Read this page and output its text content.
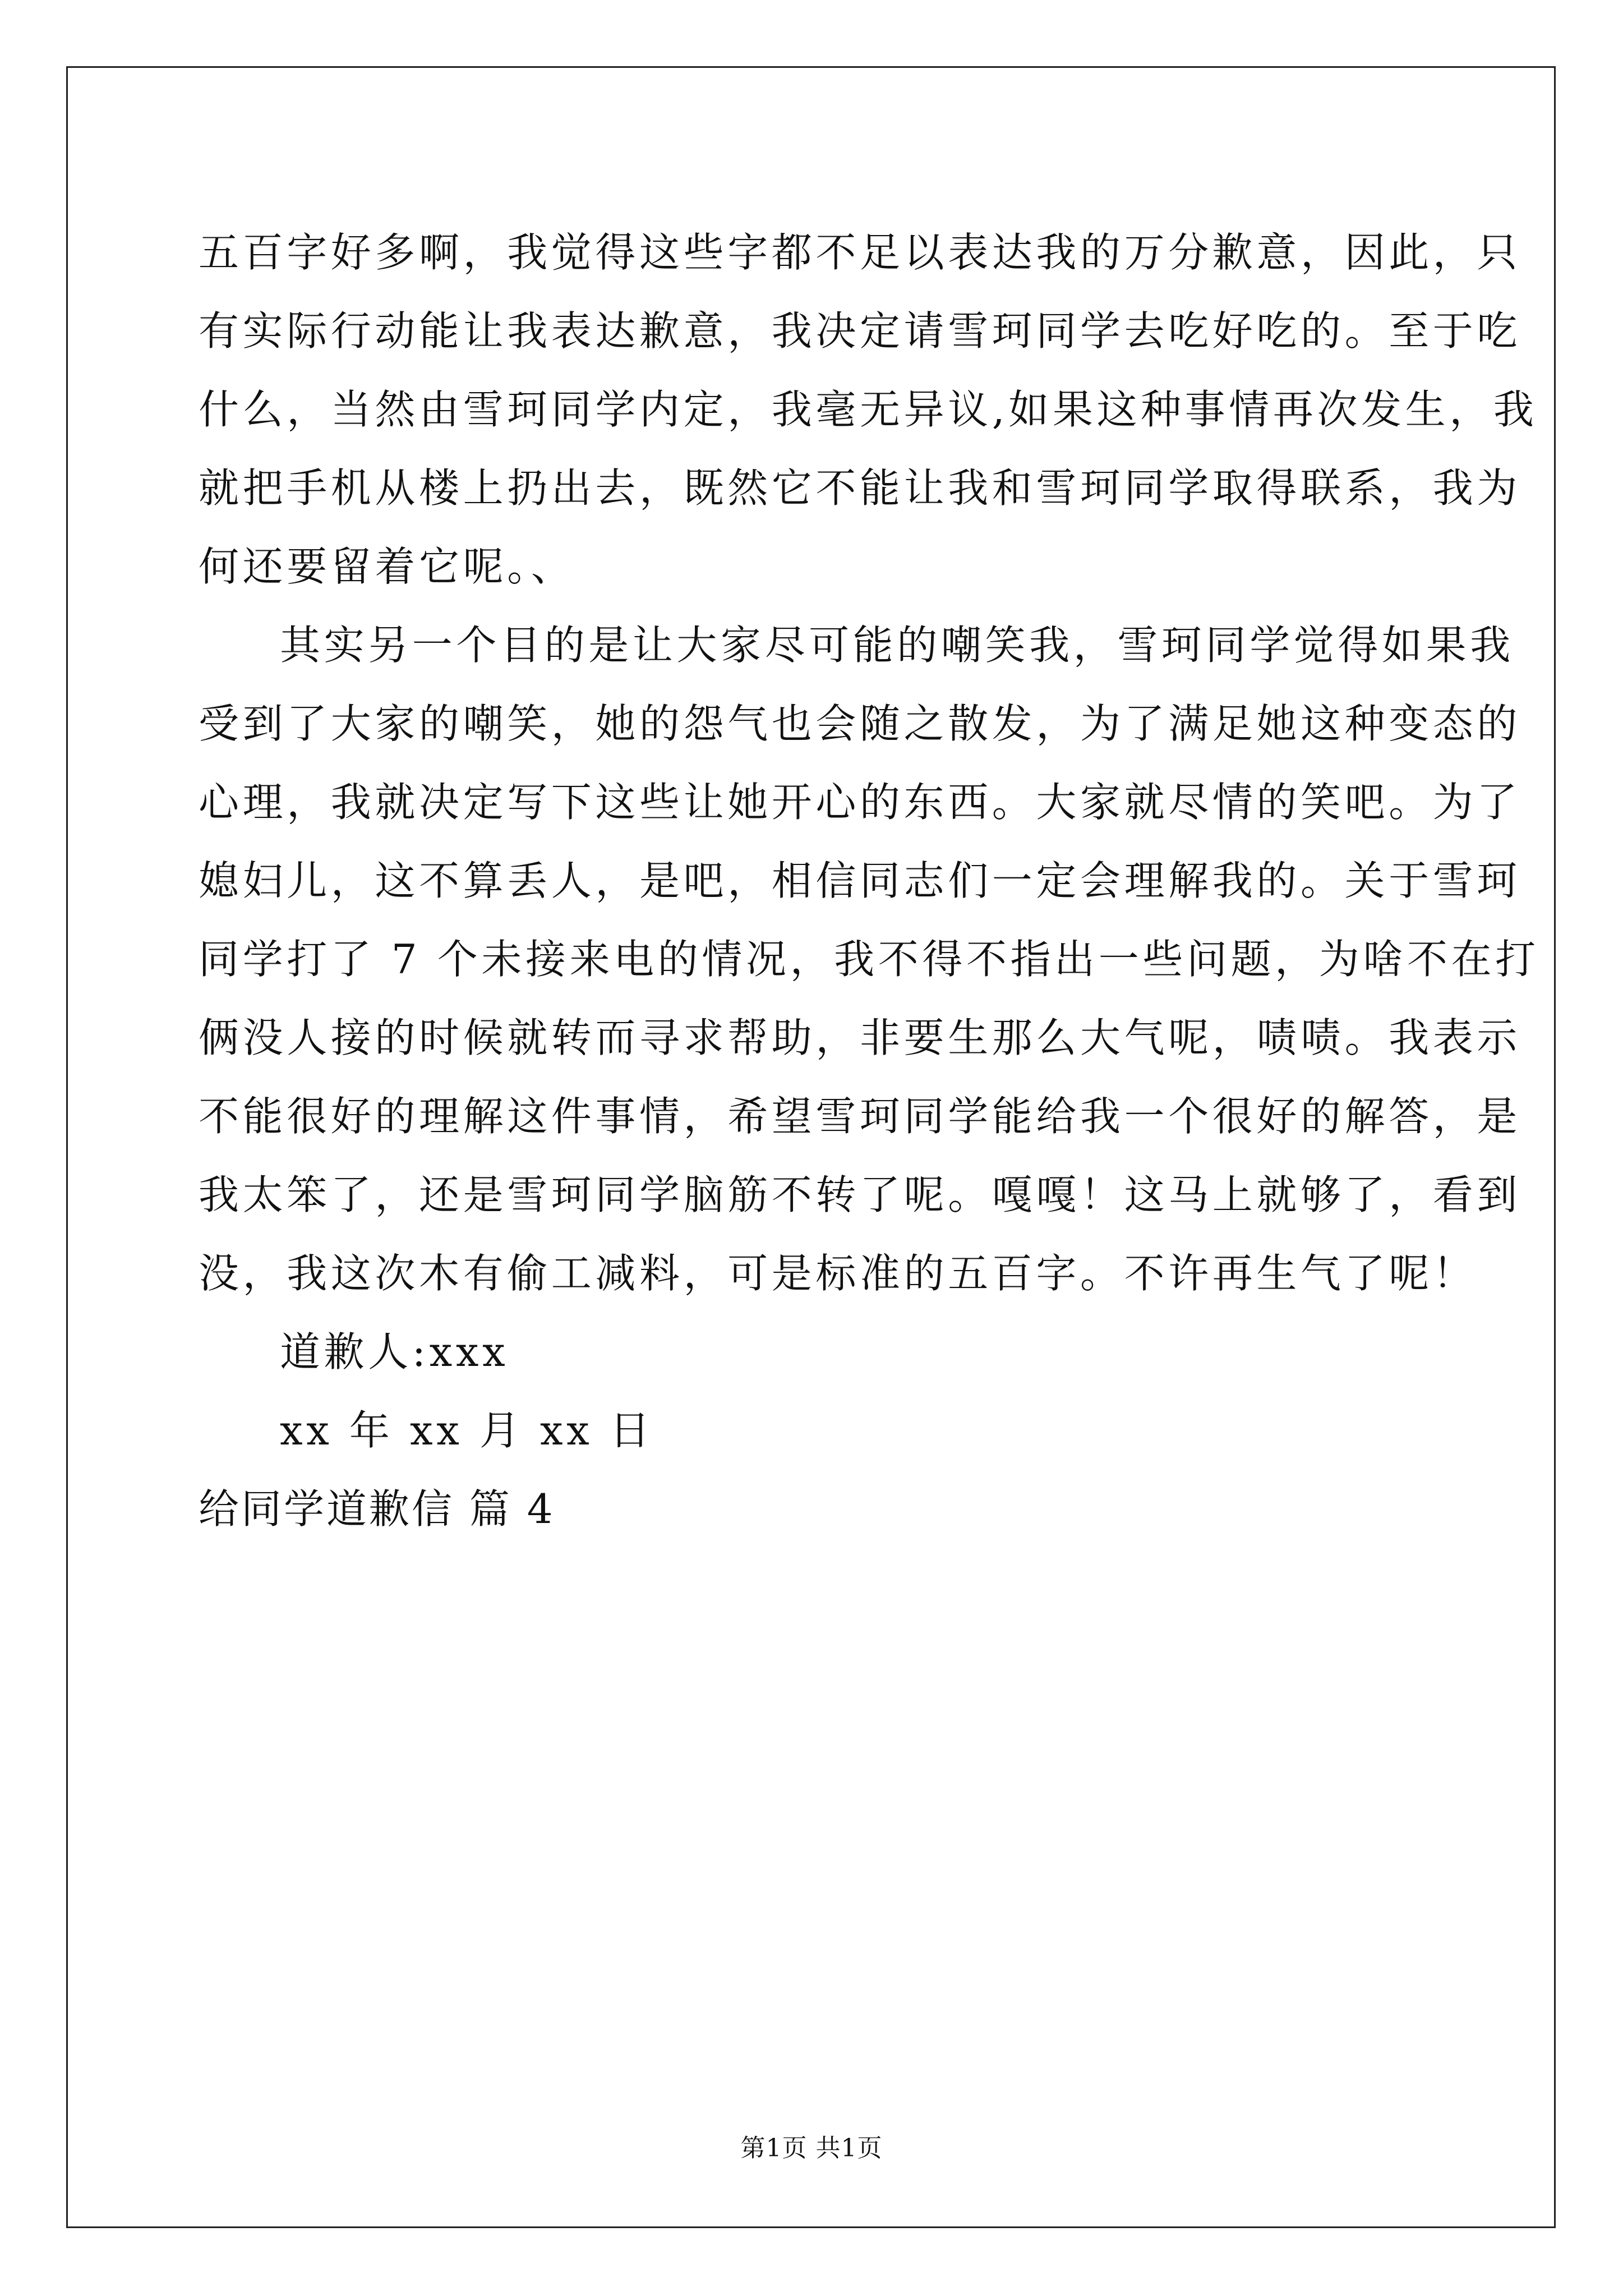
五百字好多啊，我觉得这些字都不足以表达我的万分歉意，因此，只
有实际行动能让我表达歉意，我决定请雪珂同学去吃好吃的。至于吃
什么，当然由雪珂同学内定，我毫无异议,如果这种事情再次发生，我
就把手机从楼上扔出去，既然它不能让我和雪珂同学取得联系，我为
何还要留着它呢。、
其实另一个目的是让大家尽可能的嘲笑我，雪珂同学觉得如果我
受到了大家的嘲笑，她的怨气也会随之散发，为了满足她这种变态的
心理，我就决定写下这些让她开心的东西。大家就尽情的笑吧。为了
媳妇儿，这不算丢人，是吧，相信同志们一定会理解我的。关于雪珂
同学打了 7 个未接来电的情况，我不得不指出一些问题，为啥不在打
俩没人接的时候就转而寻求帮助，非要生那么大气呢，啧啧。我表示
不能很好的理解这件事情，希望雪珂同学能给我一个很好的解答，是
我太笨了，还是雪珂同学脑筋不转了呢。嘎嘎！这马上就够了，看到
没，我这次木有偷工减料，可是标准的五百字。不许再生气了呢！
道歉人:xxx
xx 年 xx 月 xx 日
给同学道歉信 篇 4
第1页 共1页
